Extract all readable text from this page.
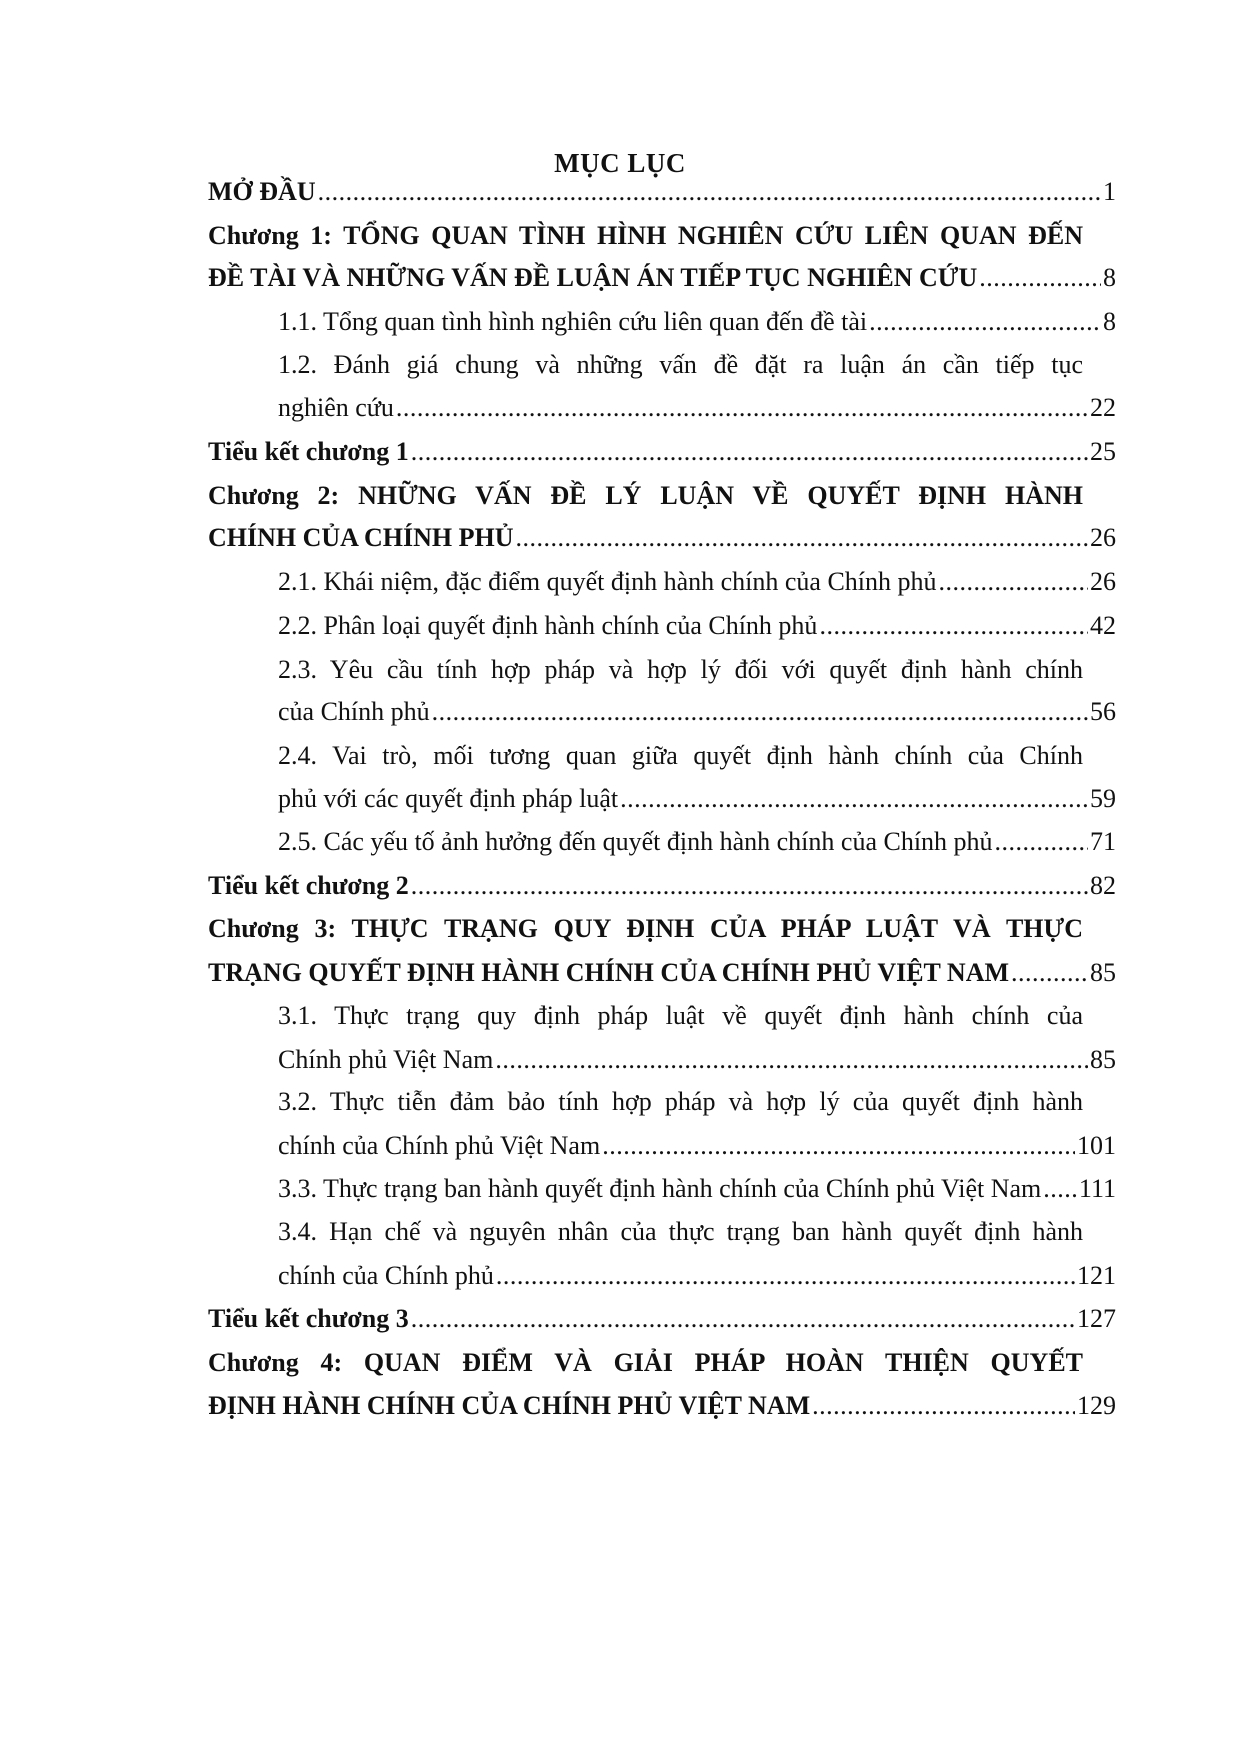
MỤC LỤC
MỞ ĐẦU .....	1
Chương 1: TỔNG QUAN TÌNH HÌNH NGHIÊN CỨU LIÊN QUAN ĐẾN
ĐỀ TÀI VÀ NHỮNG VẤN ĐỀ LUẬN ÁN TIẾP TỤC NGHIÊN CỨU .....	8
1.1. Tổng quan tình hình nghiên cứu liên quan đến đề tài .....	8
1.2. Đánh giá chung và những vấn đề đặt ra luận án cần tiếp tục
nghiên cứu .....	22
Tiểu kết chương 1 .....	25
Chương 2: NHỮNG VẤN ĐỀ LÝ LUẬN VỀ QUYẾT ĐỊNH HÀNH
CHÍNH CỦA CHÍNH PHỦ .....	26
2.1. Khái niệm, đặc điểm quyết định hành chính của Chính phủ .....	26
2.2. Phân loại quyết định hành chính của Chính phủ .....	42
2.3. Yêu cầu tính hợp pháp và hợp lý đối với quyết định hành chính
của Chính phủ .....	56
2.4. Vai trò, mối tương quan giữa quyết định hành chính của Chính
phủ với các quyết định pháp luật .....	59
2.5. Các yếu tố ảnh hưởng đến quyết định hành chính của Chính phủ .....	71
Tiểu kết chương 2 .....	82
Chương 3: THỰC TRẠNG QUY ĐỊNH CỦA PHÁP LUẬT VÀ THỰC
TRẠNG QUYẾT ĐỊNH HÀNH CHÍNH CỦA CHÍNH PHỦ VIỆT NAM .....	85
3.1. Thực trạng quy định pháp luật về quyết định hành chính của
Chính phủ Việt Nam .....	85
3.2. Thực tiễn đảm bảo tính hợp pháp và hợp lý của quyết định hành
chính của Chính phủ Việt Nam .....	101
3.3. Thực trạng ban hành quyết định hành chính của Chính phủ Việt Nam ..... 111
3.4. Hạn chế và nguyên nhân của thực trạng ban hành quyết định hành
chính của Chính phủ .....	121
Tiểu kết chương 3 .....	127
Chương 4: QUAN ĐIỂM VÀ GIẢI PHÁP HOÀN THIỆN QUYẾT
ĐỊNH HÀNH CHÍNH CỦA CHÍNH PHỦ VIỆT NAM .....	129
